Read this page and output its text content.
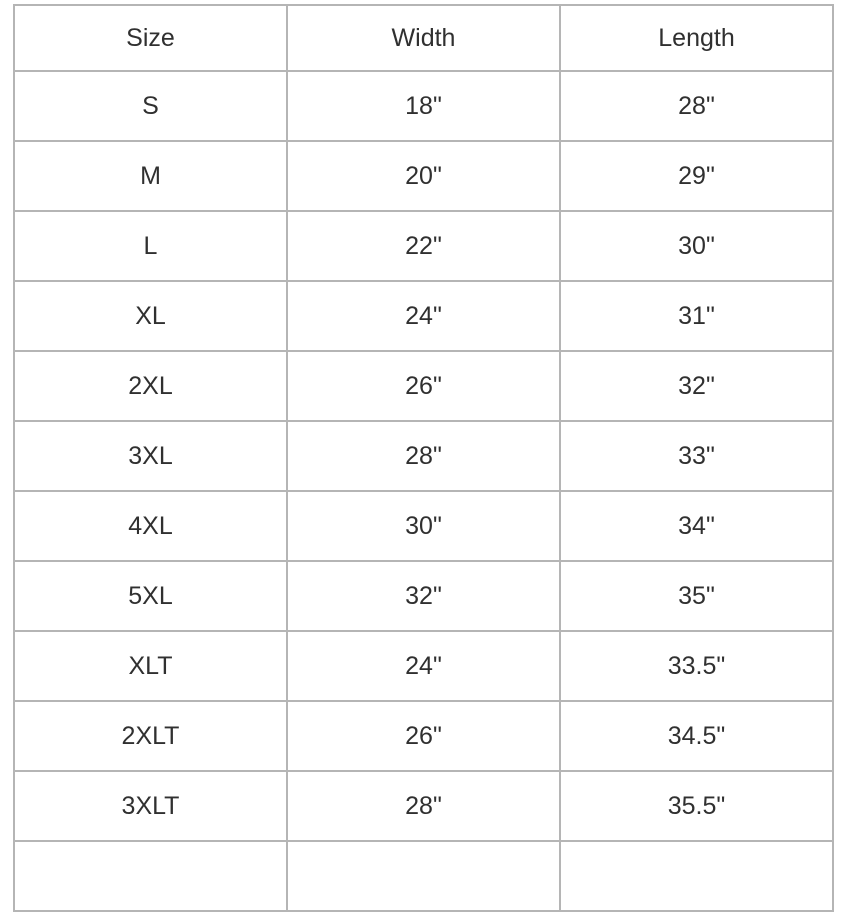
Size	Width	Length
S	18"	28"
M	20"	29"
L	22"	30"
XL	24"	31"
2XL	26"	32"
3XL	28"	33"
4XL	30"	34"
5XL	32"	35"
XLT	24"	33.5"
2XLT	26"	34.5"
3XLT	28"	35.5"
